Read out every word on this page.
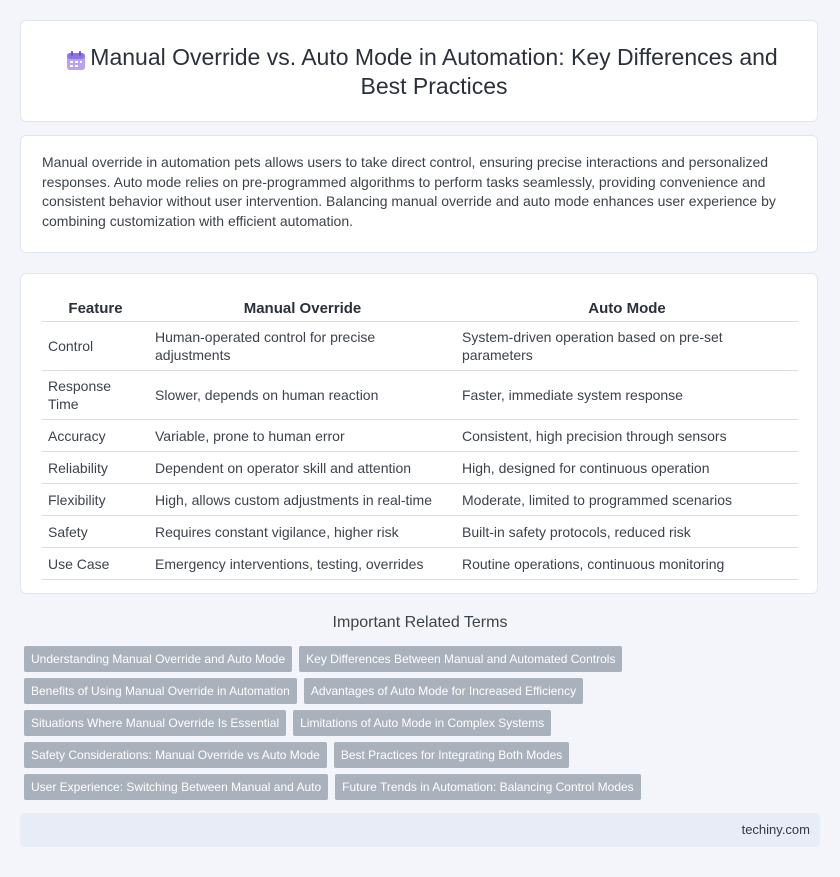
Manual Override vs. Auto Mode in Automation: Key Differences and Best Practices

Manual override in automation pets allows users to take direct control, ensuring precise interactions and personalized responses. Auto mode relies on pre-programmed algorithms to perform tasks seamlessly, providing convenience and consistent behavior without user intervention. Balancing manual override and auto mode enhances user experience by combining customization with efficient automation.

Feature	Manual Override	Auto Mode
Control	Human-operated control for precise adjustments	System-driven operation based on pre-set parameters
Response Time	Slower, depends on human reaction	Faster, immediate system response
Accuracy	Variable, prone to human error	Consistent, high precision through sensors
Reliability	Dependent on operator skill and attention	High, designed for continuous operation
Flexibility	High, allows custom adjustments in real-time	Moderate, limited to programmed scenarios
Safety	Requires constant vigilance, higher risk	Built-in safety protocols, reduced risk
Use Case	Emergency interventions, testing, overrides	Routine operations, continuous monitoring
Important Related Terms
Understanding Manual Override and Auto Mode	Key Differences Between Manual and Automated Controls
Benefits of Using Manual Override in Automation	Advantages of Auto Mode for Increased Efficiency
Situations Where Manual Override Is Essential	Limitations of Auto Mode in Complex Systems
Safety Considerations: Manual Override vs Auto Mode	Best Practices for Integrating Both Modes
User Experience: Switching Between Manual and Auto	Future Trends in Automation: Balancing Control Modes
techiny.com
